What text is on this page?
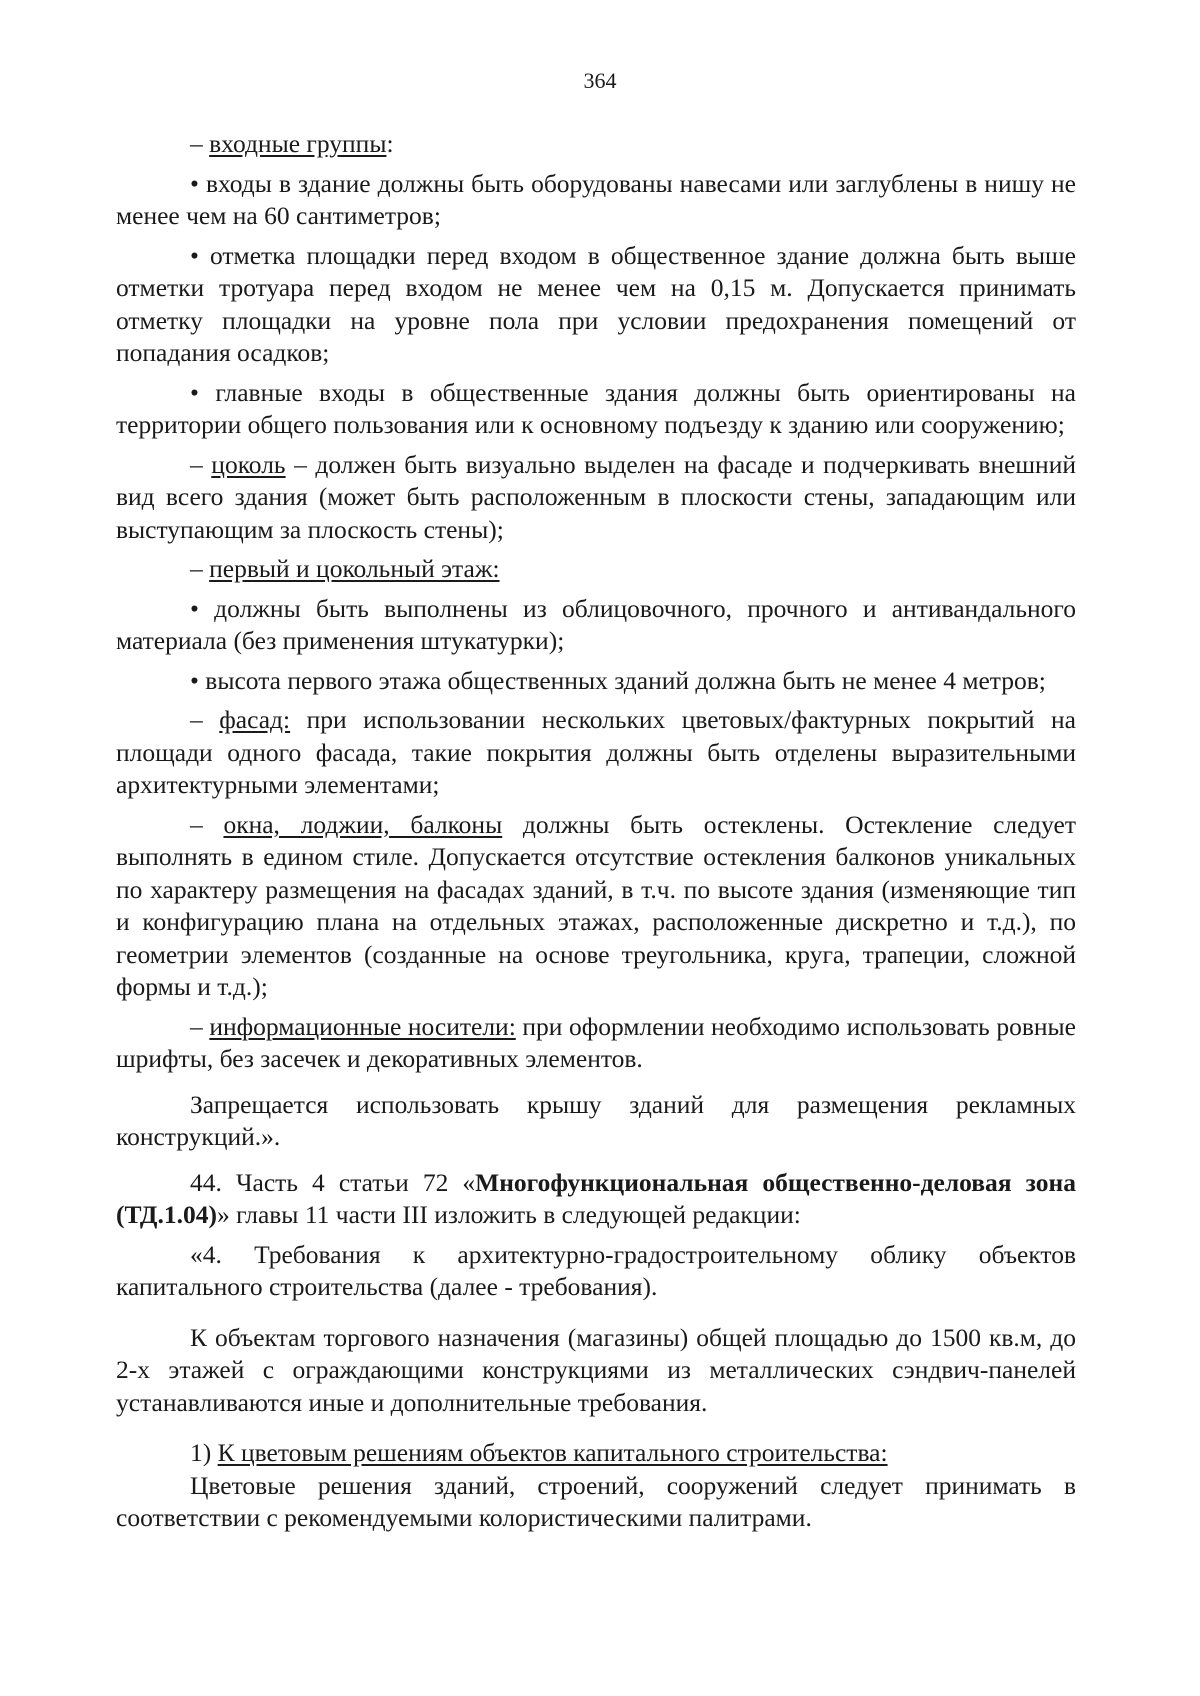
364

– входные группы:

• входы в здание должны быть оборудованы навесами или заглублены в нишу не менее чем на 60 сантиметров;

• отметка площадки перед входом в общественное здание должна быть выше отметки тротуара перед входом не менее чем на 0,15 м. Допускается принимать отметку площадки на уровне пола при условии предохранения помещений от попадания осадков;

• главные входы в общественные здания должны быть ориентированы на территории общего пользования или к основному подъезду к зданию или сооружению;

– цоколь – должен быть визуально выделен на фасаде и подчеркивать внешний вид всего здания (может быть расположенным в плоскости стены, западающим или выступающим за плоскость стены);

– первый и цокольный этаж:

• должны быть выполнены из облицовочного, прочного и антивандального материала (без применения штукатурки);

• высота первого этажа общественных зданий должна быть не менее 4 метров;

– фасад: при использовании нескольких цветовых/фактурных покрытий на площади одного фасада, такие покрытия должны быть отделены выразительными архитектурными элементами;

– окна, лоджии, балконы должны быть остеклены. Остекление следует выполнять в едином стиле. Допускается отсутствие остекления балконов уникальных по характеру размещения на фасадах зданий, в т.ч. по высоте здания (изменяющие тип и конфигурацию плана на отдельных этажах, расположенные дискретно и т.д.), по геометрии элементов (созданные на основе треугольника, круга, трапеции, сложной формы и т.д.);

– информационные носители: при оформлении необходимо использовать ровные шрифты, без засечек и декоративных элементов.

Запрещается использовать крышу зданий для размещения рекламных конструкций.».

44. Часть 4 статьи 72 «Многофункциональная общественно-деловая зона (ТД.1.04)» главы 11 части III изложить в следующей редакции:

«4. Требования к архитектурно-градостроительному облику объектов капитального строительства (далее - требования).

К объектам торгового назначения (магазины) общей площадью до 1500 кв.м, до 2-х этажей с ограждающими конструкциями из металлических сэндвич-панелей устанавливаются иные и дополнительные требования.

1) К цветовым решениям объектов капитального строительства:

Цветовые решения зданий, строений, сооружений следует принимать в соответствии с рекомендуемыми колористическими палитрами.
